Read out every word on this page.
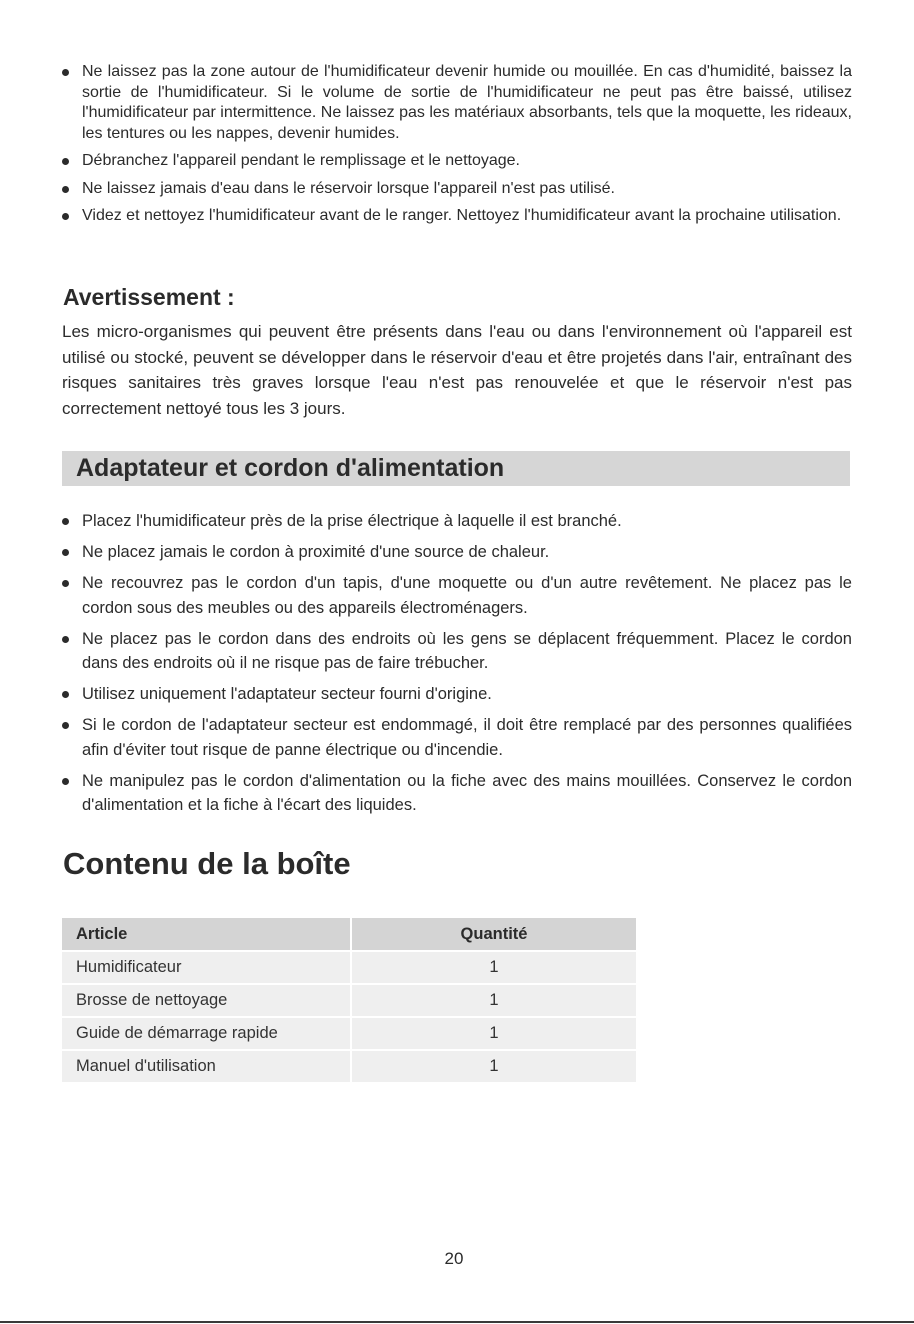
Ne laissez pas la zone autour de l'humidificateur devenir humide ou mouillée. En cas d'humidité, baissez la sortie de l'humidificateur. Si le volume de sortie de l'humidificateur ne peut pas être baissé, utilisez l'humidificateur par intermittence. Ne laissez pas les matériaux absorbants, tels que la moquette, les rideaux, les tentures ou les nappes, devenir humides.
Débranchez l'appareil pendant le remplissage et le nettoyage.
Ne laissez jamais d'eau dans le réservoir lorsque l'appareil n'est pas utilisé.
Videz et nettoyez l'humidificateur avant de le ranger. Nettoyez l'humidificateur avant la prochaine utilisation.
Avertissement :

Les micro-organismes qui peuvent être présents dans l'eau ou dans l'environnement où l'appareil est utilisé ou stocké, peuvent se développer dans le réservoir d'eau et être projetés dans l'air, entraînant des risques sanitaires très graves lorsque l'eau n'est pas renouvelée et que le réservoir n'est pas correctement nettoyé tous les 3 jours.

Adaptateur et cordon d'alimentation
Placez l'humidificateur près de la prise électrique à laquelle il est branché.
Ne placez jamais le cordon à proximité d'une source de chaleur.
Ne recouvrez pas le cordon d'un tapis, d'une moquette ou d'un autre revêtement. Ne placez pas le cordon sous des meubles ou des appareils électroménagers.
Ne placez pas le cordon dans des endroits où les gens se déplacent fréquemment. Placez le cordon dans des endroits où il ne risque pas de faire trébucher.
Utilisez uniquement l'adaptateur secteur fourni d'origine.
Si le cordon de l'adaptateur secteur est endommagé, il doit être remplacé par des personnes qualifiées afin d'éviter tout risque de panne électrique ou d'incendie.
Ne manipulez pas le cordon d'alimentation ou la fiche avec des mains mouillées. Conservez le cordon d'alimentation et la fiche à l'écart des liquides.
Contenu de la boîte
Article	Quantité
Humidificateur	1
Brosse de nettoyage	1
Guide de démarrage rapide	1
Manuel d'utilisation	1
20
